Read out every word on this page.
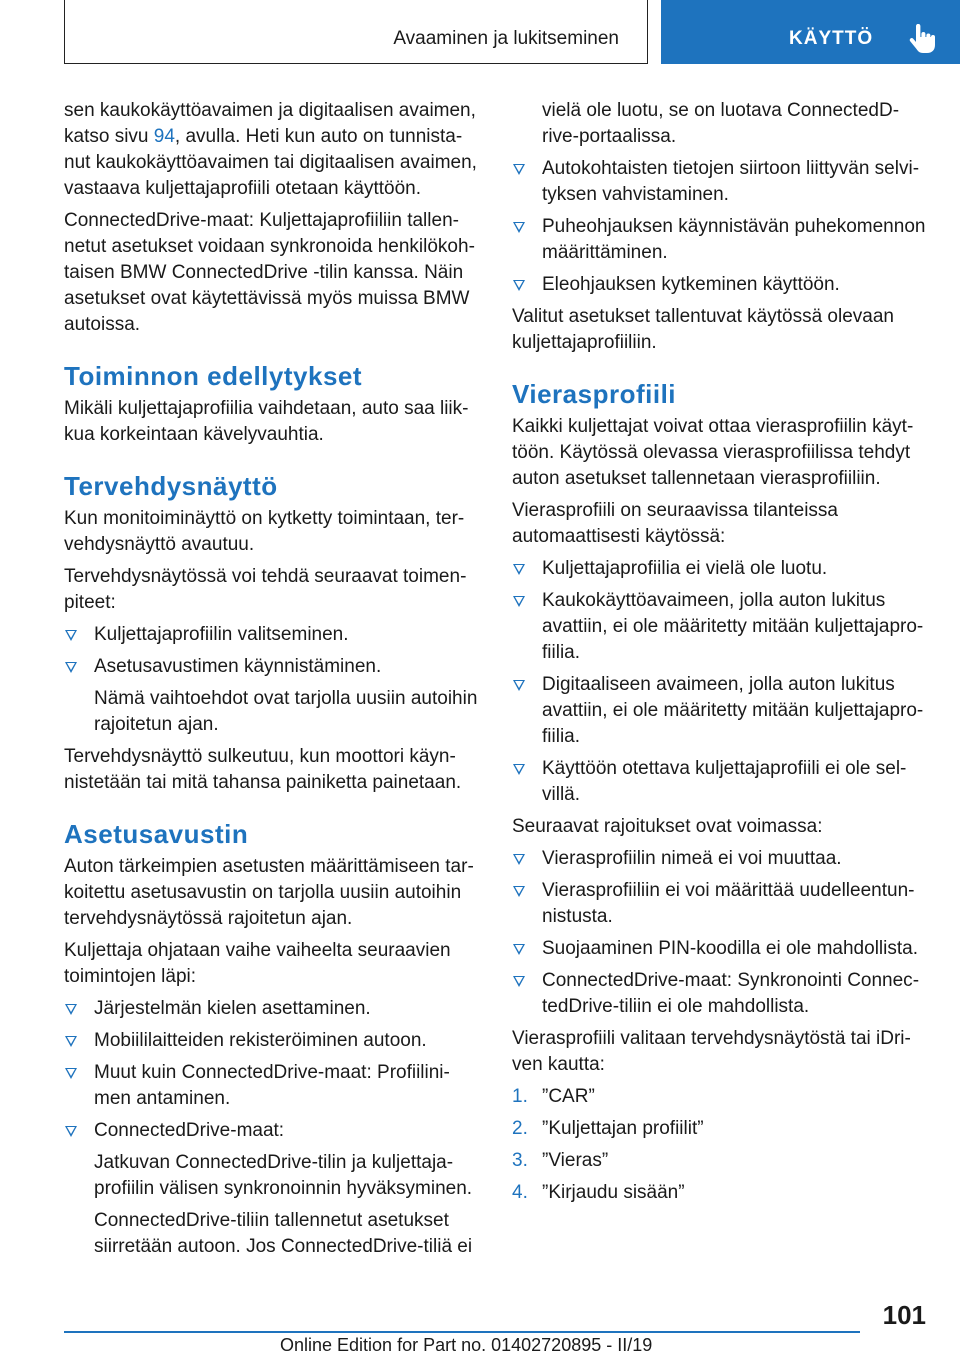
Avaaminen ja lukitseminen	KÄYTTÖ

sen kaukokäyttöavaimen ja digitaalisen avaimen, katso sivu 94, avulla. Heti kun auto on tunnistanut kaukokäyttöavaimen tai digitaalisen avaimen, vastaava kuljettajaprofiili otetaan käyttöön.

ConnectedDrive-maat: Kuljettajaprofiiliin tallennetut asetukset voidaan synkronoida henkilökohtaisen BMW ConnectedDrive -tilin kanssa. Näin asetukset ovat käytettävissä myös muissa BMW autoissa.

Toiminnon edellytykset

Mikäli kuljettajaprofiilia vaihdetaan, auto saa liikkua korkeintaan kävelyvauhtia.

Tervehdysnäyttö

Kun monitoiminäyttö on kytketty toimintaan, tervehdysnäyttö avautuu.

Tervehdysnäytössä voi tehdä seuraavat toimenpiteet:

Kuljettajaprofiilin valitseminen.
Asetusavustimen käynnistäminen.
Nämä vaihtoehdot ovat tarjolla uusiin autoihin rajoitetun ajan.

Tervehdysnäyttö sulkeutuu, kun moottori käynnistetään tai mitä tahansa painiketta painetaan.

Asetusavustin

Auton tärkeimpien asetusten määrittämiseen tarkoitettu asetusavustin on tarjolla uusiin autoihin tervehdysnäytössä rajoitetun ajan.

Kuljettaja ohjataan vaihe vaiheelta seuraavien toimintojen läpi:

Järjestelmän kielen asettaminen.
Mobiililaitteiden rekisteröiminen autoon.
Muut kuin ConnectedDrive-maat: Profiilinimen antaminen.
ConnectedDrive-maat:
Jatkuvan ConnectedDrive-tilin ja kuljettajaprofiilin välisen synkronoinnin hyväksyminen.
ConnectedDrive-tiliin tallennetut asetukset siirretään autoon. Jos ConnectedDrive-tiliä ei
vielä ole luotu, se on luotava ConnectedDrive-portaalissa.
Autokohtaisten tietojen siirtoon liittyvän selvityksen vahvistaminen.
Puheohjauksen käynnistävän puhekomennon määrittäminen.
Eleohjauksen kytkeminen käyttöön.

Valitut asetukset tallentuvat käytössä olevaan kuljettajaprofiiliin.

Vierasprofiili

Kaikki kuljettajat voivat ottaa vierasprofiilin käyttöön. Käytössä olevassa vierasprofiilissa tehdyt auton asetukset tallennetaan vierasprofiiliin.

Vierasprofiili on seuraavissa tilanteissa automaattisesti käytössä:

Kuljettajaprofiilia ei vielä ole luotu.
Kaukokäyttöavaimeen, jolla auton lukitus avattiin, ei ole määritetty mitään kuljettajaprofiilia.
Digitaaliseen avaimeen, jolla auton lukitus avattiin, ei ole määritetty mitään kuljettajaprofiilia.
Käyttöön otettava kuljettajaprofiili ei ole selvillä.

Seuraavat rajoitukset ovat voimassa:

Vierasprofiilin nimeä ei voi muuttaa.
Vierasprofiiliin ei voi määrittää uudelleentunnistusta.
Suojaaminen PIN-koodilla ei ole mahdollista.
ConnectedDrive-maat: Synkronointi ConnectedDrive-tiliin ei ole mahdollista.

Vierasprofiili valitaan tervehdysnäytöstä tai iDriven kautta:

1. ”CAR”
2. ”Kuljettajan profiilit”
3. ”Vieras”
4. ”Kirjaudu sisään”
101
Online Edition for Part no. 01402720895 - II/19
